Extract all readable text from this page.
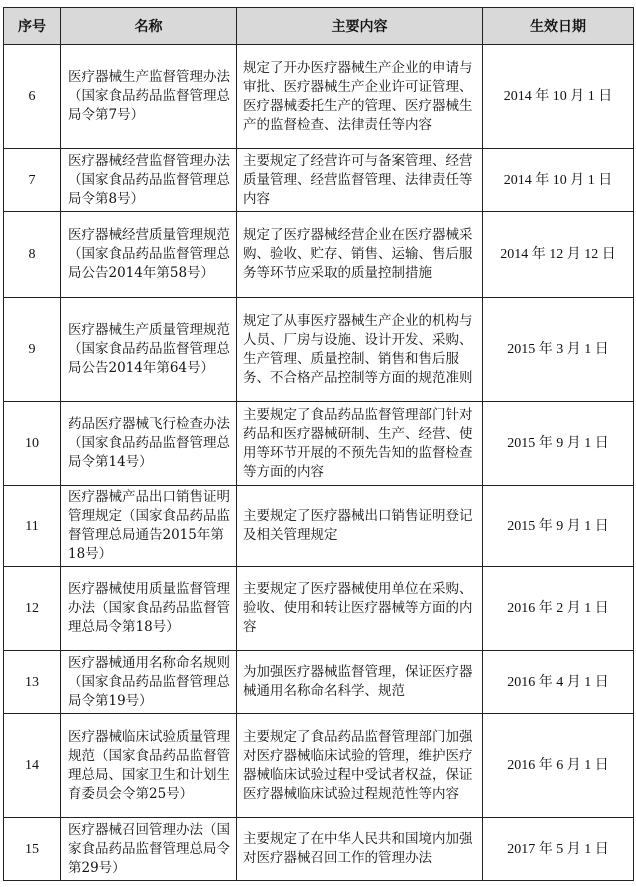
序号	名称	主要内容	生效日期
6	医疗器械生产监督管理办法（国家食品药品监督管理总局令第7号）	规定了开办医疗器械生产企业的申请与审批、医疗器械生产企业许可证管理、医疗器械委托生产的管理、医疗器械生产的监督检查、法律责任等内容	2014 年 10 月 1 日
7	医疗器械经营监督管理办法（国家食品药品监督管理总局令第8号）	主要规定了经营许可与备案管理、经营质量管理、经营监督管理、法律责任等内容	2014 年 10 月 1 日
8	医疗器械经营质量管理规范（国家食品药品监督管理总局公告2014年第58号）	规定了医疗器械经营企业在医疗器械采购、验收、贮存、销售、运输、售后服务等环节应采取的质量控制措施	2014 年 12 月 12 日
9	医疗器械生产质量管理规范（国家食品药品监督管理总局公告2014年第64号）	规定了从事医疗器械生产企业的机构与人员、厂房与设施、设计开发、采购、生产管理、质量控制、销售和售后服务、不合格产品控制等方面的规范准则	2015 年 3 月 1 日
10	药品医疗器械飞行检查办法（国家食品药品监督管理总局令第14号）	主要规定了食品药品监督管理部门针对药品和医疗器械研制、生产、经营、使用等环节开展的不预先告知的监督检查等方面的内容	2015 年 9 月 1 日
11	医疗器械产品出口销售证明管理规定（国家食品药品监督管理总局通告2015年第18号）	主要规定了医疗器械出口销售证明登记及相关管理规定	2015 年 9 月 1 日
12	医疗器械使用质量监督管理办法（国家食品药品监督管理总局令第18号）	主要规定了医疗器械使用单位在采购、验收、使用和转让医疗器械等方面的内容	2016 年 2 月 1 日
13	医疗器械通用名称命名规则（国家食品药品监督管理总局令第19号）	为加强医疗器械监督管理，保证医疗器械通用名称命名科学、规范	2016 年 4 月 1 日
14	医疗器械临床试验质量管理规范（国家食品药品监督管理总局、国家卫生和计划生育委员会令第25号）	主要规定了食品药品监督管理部门加强对医疗器械临床试验的管理，维护医疗器械临床试验过程中受试者权益，保证医疗器械临床试验过程规范性等内容	2016 年 6 月 1 日
15	医疗器械召回管理办法（国家食品药品监督管理总局令第29号）	主要规定了在中华人民共和国境内加强对医疗器械召回工作的管理办法	2017 年 5 月 1 日
